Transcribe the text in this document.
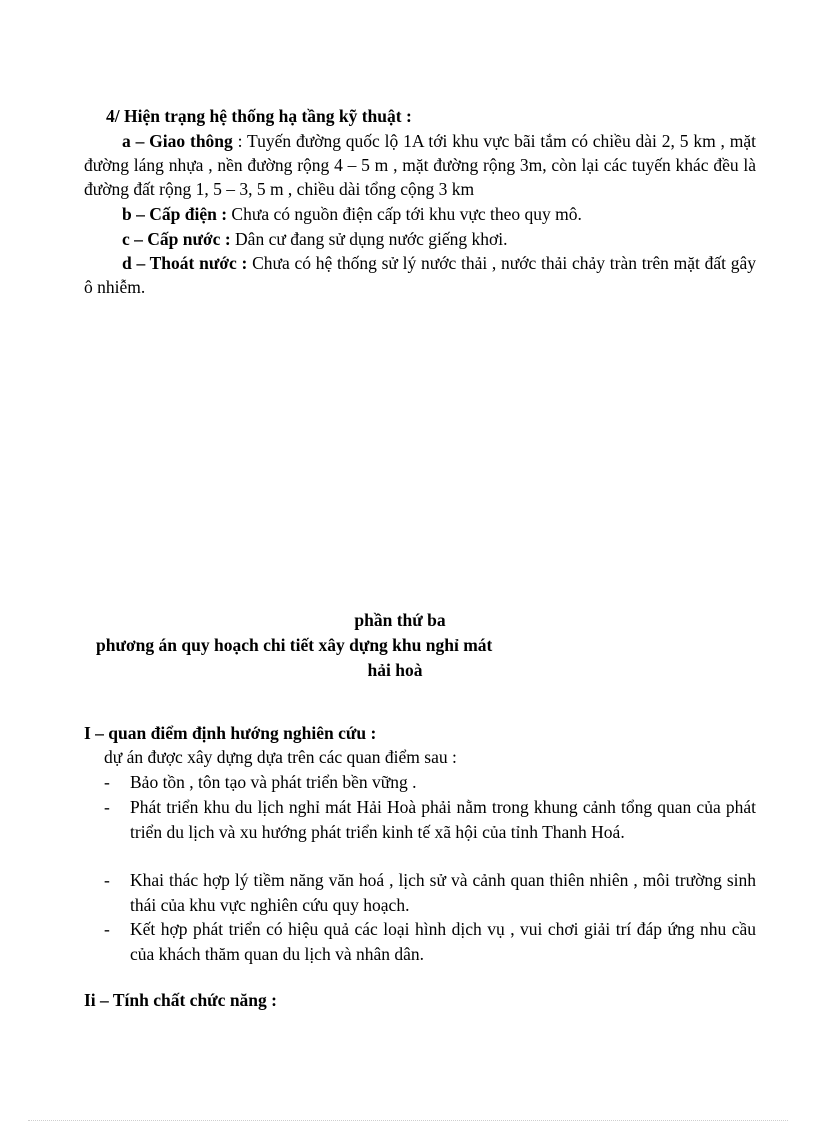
4/ Hiện trạng hệ thống hạ tầng kỹ thuật :
a – Giao thông : Tuyến đường quốc lộ 1A tới khu vực bãi tắm có chiều dài 2, 5 km , mặt đường láng nhựa , nền đường rộng 4 – 5 m , mặt đường rộng 3m, còn lại các tuyến khác đều là đường đất rộng 1, 5 – 3, 5 m , chiều dài tổng cộng 3 km
b – Cấp điện : Chưa có nguồn điện cấp tới khu vực theo quy mô.
c – Cấp nước : Dân cư đang sử dụng nước giếng khơi.
d – Thoát nước : Chưa có hệ thống sử lý nước thải , nước thải chảy tràn trên mặt đất gây ô nhiễm.
phần thứ ba
phương án quy hoạch chi tiết xây dựng khu nghỉ mát
hải hoà
I – quan điểm định hướng nghiên cứu :
dự án được xây dựng dựa trên các quan điểm sau :
- Bảo tồn , tôn tạo và phát triển bền vững .
- Phát triển khu du lịch nghỉ mát Hải Hoà phải nằm trong khung cảnh tổng quan của phát triển du lịch và xu hướng phát triển kinh tế xã hội của tỉnh Thanh Hoá.
- Khai thác hợp lý tiềm năng văn hoá , lịch sử và cảnh quan thiên nhiên , môi trường sinh thái của khu vực nghiên cứu quy hoạch.
- Kết hợp phát triển có hiệu quả các loại hình dịch vụ , vui chơi giải trí đáp ứng nhu cầu của khách thăm quan du lịch và nhân dân.
Ii – Tính chất chức năng :
